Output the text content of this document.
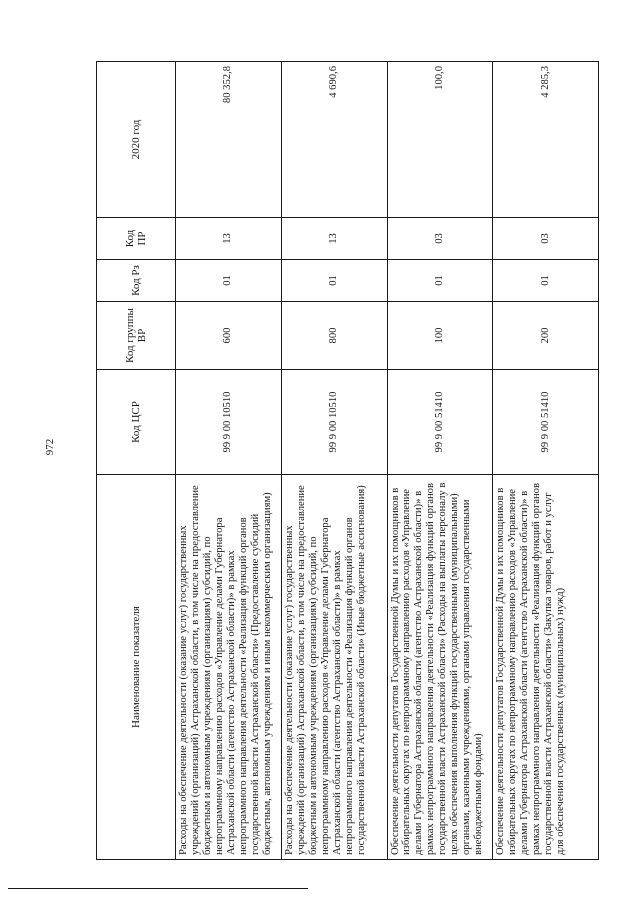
972
Наименование показателя	Код ЦСР	Код группы ВР	Код Рз	Код ПР	2020 год
Расходы на обеспечение деятельности (оказание услуг) государственных учреждений (организаций) Астраханской области, в том числе на предоставление бюджетным и автономным учреждениям (организациям) субсидий, по непрограммному направлению расходов «Управление делами Губернатора Астраханской области (агентство Астраханской области)» в рамках непрограммного направления деятельности «Реализация функций органов государственной власти Астраханской области» (Предоставление субсидий бюджетным, автономным учреждениям и иным некоммерческим организациям)	99 9 00 10510	600	01	13	80 352,8
Расходы на обеспечение деятельности (оказание услуг) государственных учреждений (организаций) Астраханской области, в том числе на предоставление бюджетным и автономным учреждениям (организациям) субсидий, по непрограммному направлению расходов «Управление делами Губернатора Астраханской области (агентство Астраханской области)» в рамках непрограммного направления деятельности «Реализация функций органов государственной власти Астраханской области» (Иные бюджетные ассигнования)	99 9 00 10510	800	01	13	4 690,6
Обеспечение деятельности депутатов Государственной Думы и их помощников в избирательных округах по непрограммному направлению расходов «Управление делами Губернатора Астраханской области (агентство Астраханской области)» в рамках непрограммного направления деятельности «Реализация функций органов государственной власти Астраханской области» (Расходы на выплаты персоналу в целях обеспечения выполнения функций государственными (муниципальными) органами, казенными учреждениями, органами управления государственными внебюджетными фондами)	99 9 00 51410	100	01	03	100,0
Обеспечение деятельности депутатов Государственной Думы и их помощников в избирательных округах по непрограммному направлению расходов «Управление делами Губернатора Астраханской области (агентство Астраханской области)» в рамках непрограммного направления деятельности «Реализация функций органов государственной власти Астраханской области» (Закупка товаров, работ и услуг для обеспечения государственных (муниципальных) нужд)	99 9 00 51410	200	01	03	4 285,3
